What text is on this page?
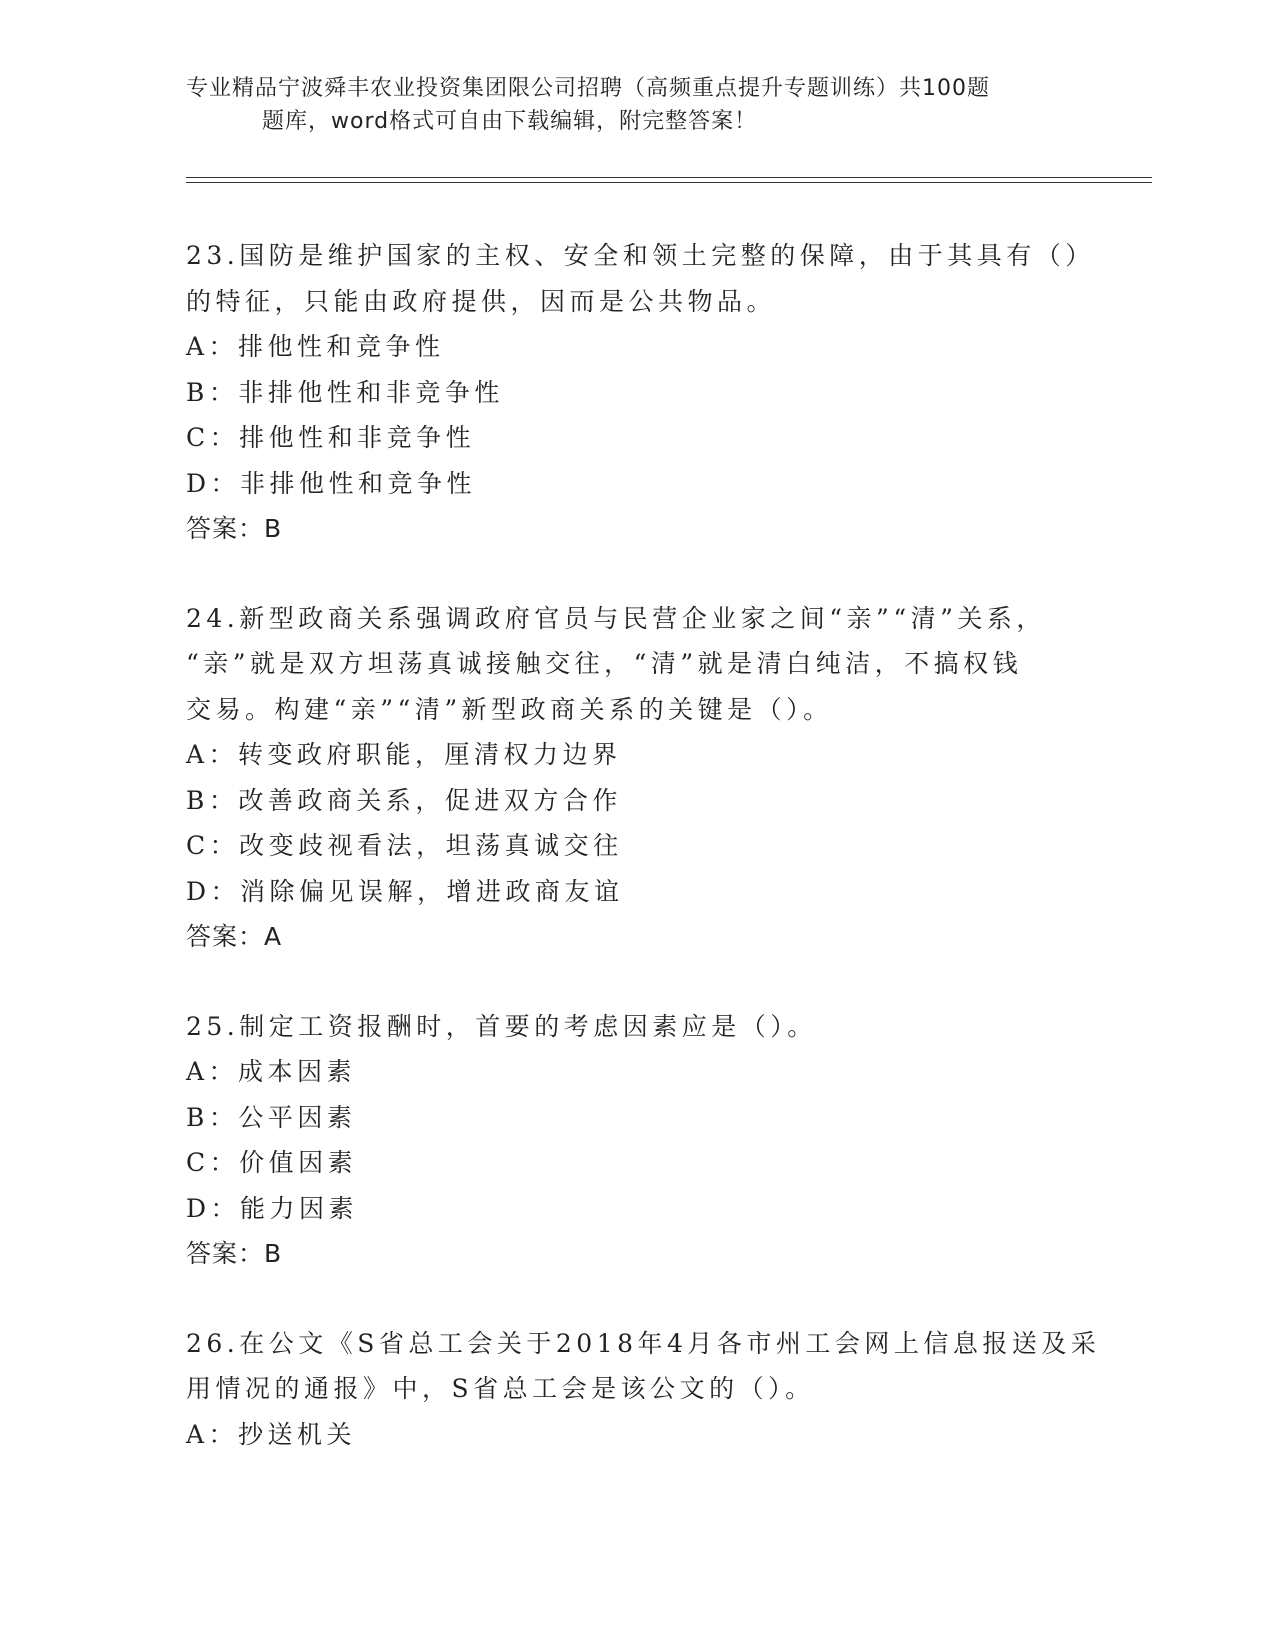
专业精品宁波舜丰农业投资集团限公司招聘（高频重点提升专题训练）共100题
题库，word格式可自由下载编辑，附完整答案！
23.国防是维护国家的主权、安全和领土完整的保障，由于其具有（）
的特征，只能由政府提供，因而是公共物品。
A：排他性和竞争性
B：非排他性和非竞争性
C：排他性和非竞争性
D：非排他性和竞争性
答案：B
24.新型政商关系强调政府官员与民营企业家之间“亲”“清”关系，
“亲”就是双方坦荡真诚接触交往，“清”就是清白纯洁，不搞权钱
交易。构建“亲”“清”新型政商关系的关键是（）。
A：转变政府职能，厘清权力边界
B：改善政商关系，促进双方合作
C：改变歧视看法，坦荡真诚交往
D：消除偏见误解，增进政商友谊
答案：A
25.制定工资报酬时，首要的考虑因素应是（）。
A：成本因素
B：公平因素
C：价值因素
D：能力因素
答案：B
26.在公文《S省总工会关于2018年4月各市州工会网上信息报送及采
用情况的通报》中，S省总工会是该公文的（）。
A：抄送机关
